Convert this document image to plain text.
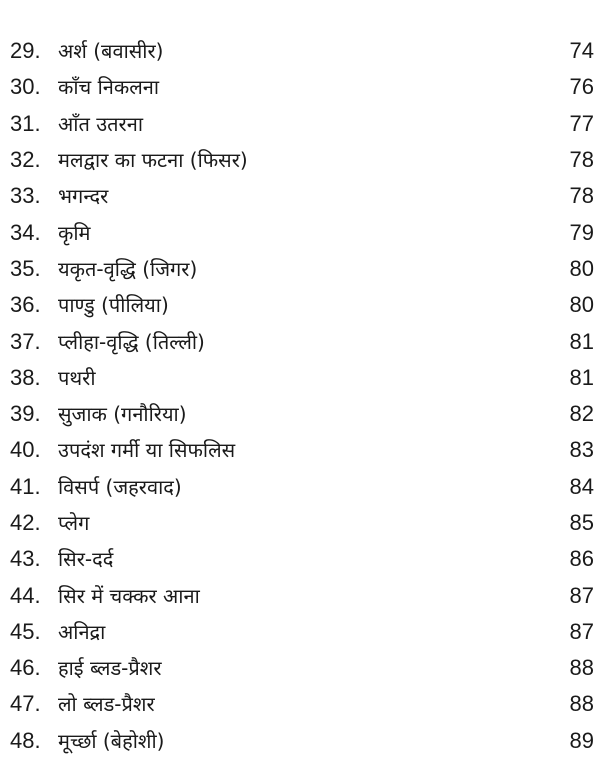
29. अर्श (बवासीर)	74
30. काँच निकलना	76
31. आँत उतरना	77
32. मलद्वार का फटना (फिसर)	78
33. भगन्दर	78
34. कृमि	79
35. यकृत-वृद्धि (जिगर)	80
36. पाण्डु (पीलिया)	80
37. प्लीहा-वृद्धि (तिल्ली)	81
38. पथरी	81
39. सुजाक (गनौरिया)	82
40. उपदंश गर्मी या सिफलिस	83
41. विसर्प (जहरवाद)	84
42. प्लेग	85
43. सिर-दर्द	86
44. सिर में चक्कर आना	87
45. अनिद्रा	87
46. हाई ब्लड-प्रैशर	88
47. लो ब्लड-प्रैशर	88
48. मूर्च्छा (बेहोशी)	89
